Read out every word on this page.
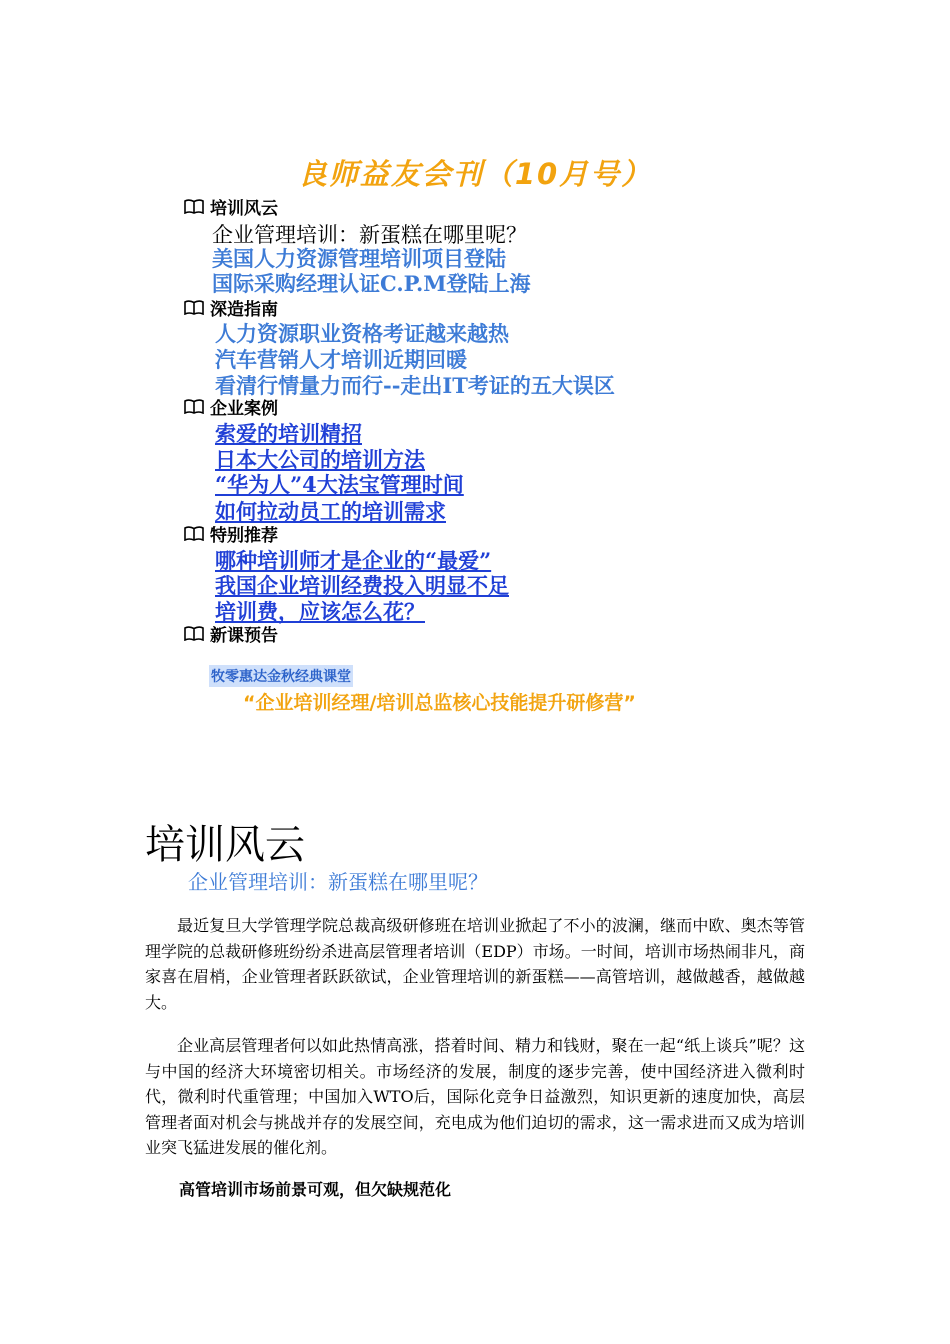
良师益友会刊（10月号）
培训风云
企业管理培训：新蛋糕在哪里呢？
美国人力资源管理培训项目登陆
国际采购经理认证C.P.M登陆上海
深造指南
人力资源职业资格考证越来越热
汽车营销人才培训近期回暖
看清行情量力而行--走出IT考证的五大误区
企业案例
索爱的培训精招
日本大公司的培训方法
“华为人”4大法宝管理时间
如何拉动员工的培训需求
特别推荐
哪种培训师才是企业的“最爱”
我国企业培训经费投入明显不足
培训费，应该怎么花？
新课预告
牧零惠达金秋经典课堂
“企业培训经理/培训总监核心技能提升研修营”
培训风云
企业管理培训：新蛋糕在哪里呢？
最近复旦大学管理学院总裁高级研修班在培训业掀起了不小的波澜，继而中欧、奥杰等管理学院的总裁研修班纷纷杀进高层管理者培训（EDP）市场。一时间，培训市场热闹非凡，商家喜在眉梢，企业管理者跃跃欲试，企业管理培训的新蛋糕——高管培训，越做越香，越做越大。
企业高层管理者何以如此热情高涨，搭着时间、精力和钱财，聚在一起“纸上谈兵”呢？这与中国的经济大环境密切相关。市场经济的发展，制度的逐步完善，使中国经济进入微利时代，微利时代重管理；中国加入WTO后，国际化竞争日益激烈，知识更新的速度加快，高层管理者面对机会与挑战并存的发展空间，充电成为他们迫切的需求，这一需求进而又成为培训业突飞猛进发展的催化剂。
高管培训市场前景可观，但欠缺规范化
